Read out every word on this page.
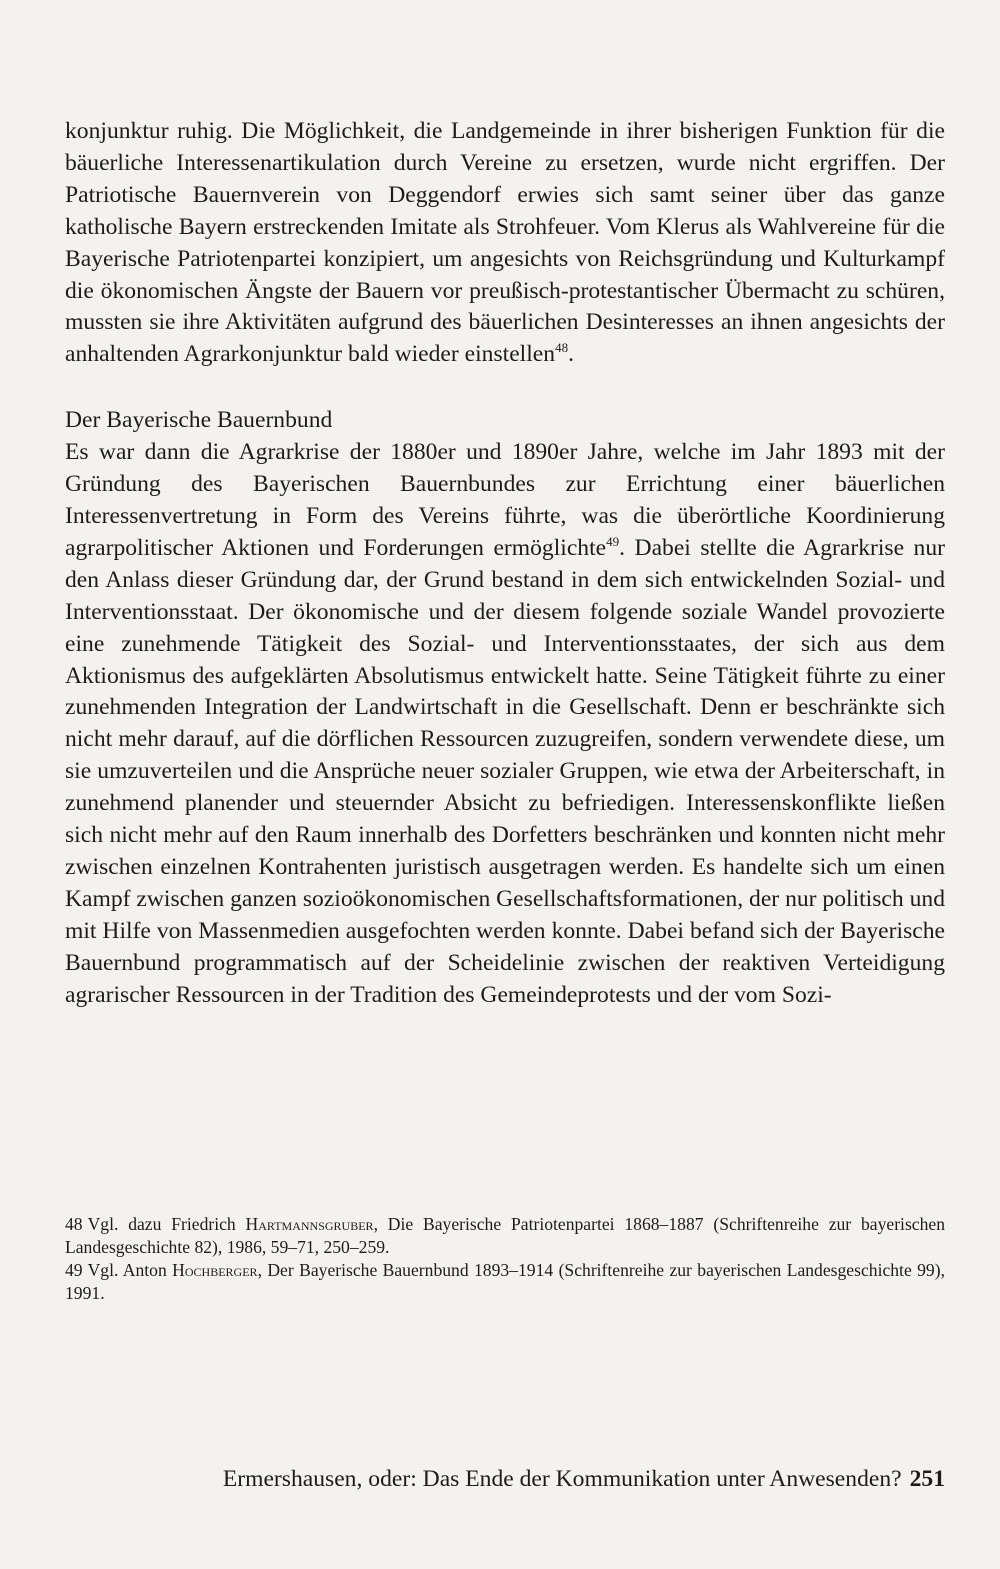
konjunktur ruhig. Die Möglichkeit, die Landgemeinde in ihrer bisherigen Funktion für die bäuerliche Interessenartikulation durch Vereine zu ersetzen, wurde nicht ergriffen. Der Patriotische Bauernverein von Deggendorf erwies sich samt seiner über das ganze katholische Bayern erstreckenden Imitate als Strohfeuer. Vom Klerus als Wahlvereine für die Bayerische Patriotenpartei konzipiert, um angesichts von Reichsgründung und Kulturkampf die ökonomischen Ängste der Bauern vor preußisch-protestantischer Übermacht zu schüren, mussten sie ihre Aktivitäten aufgrund des bäuerlichen Desinteresses an ihnen angesichts der anhaltenden Agrarkonjunktur bald wieder einstellen$^{48}$.

Der Bayerische Bauernbund

Es war dann die Agrarkrise der 1880er und 1890er Jahre, welche im Jahr 1893 mit der Gründung des Bayerischen Bauernbundes zur Errichtung einer bäuerlichen Interessenvertretung in Form des Vereins führte, was die überörtliche Koordinierung agrarpolitischer Aktionen und Forderungen ermöglichte$^{49}$. Dabei stellte die Agrarkrise nur den Anlass dieser Gründung dar, der Grund bestand in dem sich entwickelnden Sozial- und Interventionsstaat. Der ökonomische und der diesem folgende soziale Wandel provozierte eine zunehmende Tätigkeit des Sozial- und Interventionsstaates, der sich aus dem Aktionismus des aufgeklärten Absolutismus entwickelt hatte. Seine Tätigkeit führte zu einer zunehmenden Integration der Landwirtschaft in die Gesellschaft. Denn er beschränkte sich nicht mehr darauf, auf die dörflichen Ressourcen zuzugreifen, sondern verwendete diese, um sie umzuverteilen und die Ansprüche neuer sozialer Gruppen, wie etwa der Arbeiterschaft, in zunehmend planender und steuernder Absicht zu befriedigen. Interessenskonflikte ließen sich nicht mehr auf den Raum innerhalb des Dorfetters beschränken und konnten nicht mehr zwischen einzelnen Kontrahenten juristisch ausgetragen werden. Es handelte sich um einen Kampf zwischen ganzen sozioökonomischen Gesellschaftsformationen, der nur politisch und mit Hilfe von Massenmedien ausgefochten werden konnte. Dabei befand sich der Bayerische Bauernbund programmatisch auf der Scheidelinie zwischen der reaktiven Verteidigung agrarischer Ressourcen in der Tradition des Gemeindeprotests und der vom Sozi-

48 Vgl. dazu Friedrich Hartmannsgruber, Die Bayerische Patriotenpartei 1868–1887 (Schriftenreihe zur bayerischen Landesgeschichte 82), 1986, 59–71, 250–259.

49 Vgl. Anton Hochberger, Der Bayerische Bauernbund 1893–1914 (Schriftenreihe zur bayerischen Landesgeschichte 99), 1991.

Ermershausen, oder: Das Ende der Kommunikation unter Anwesenden? 251
